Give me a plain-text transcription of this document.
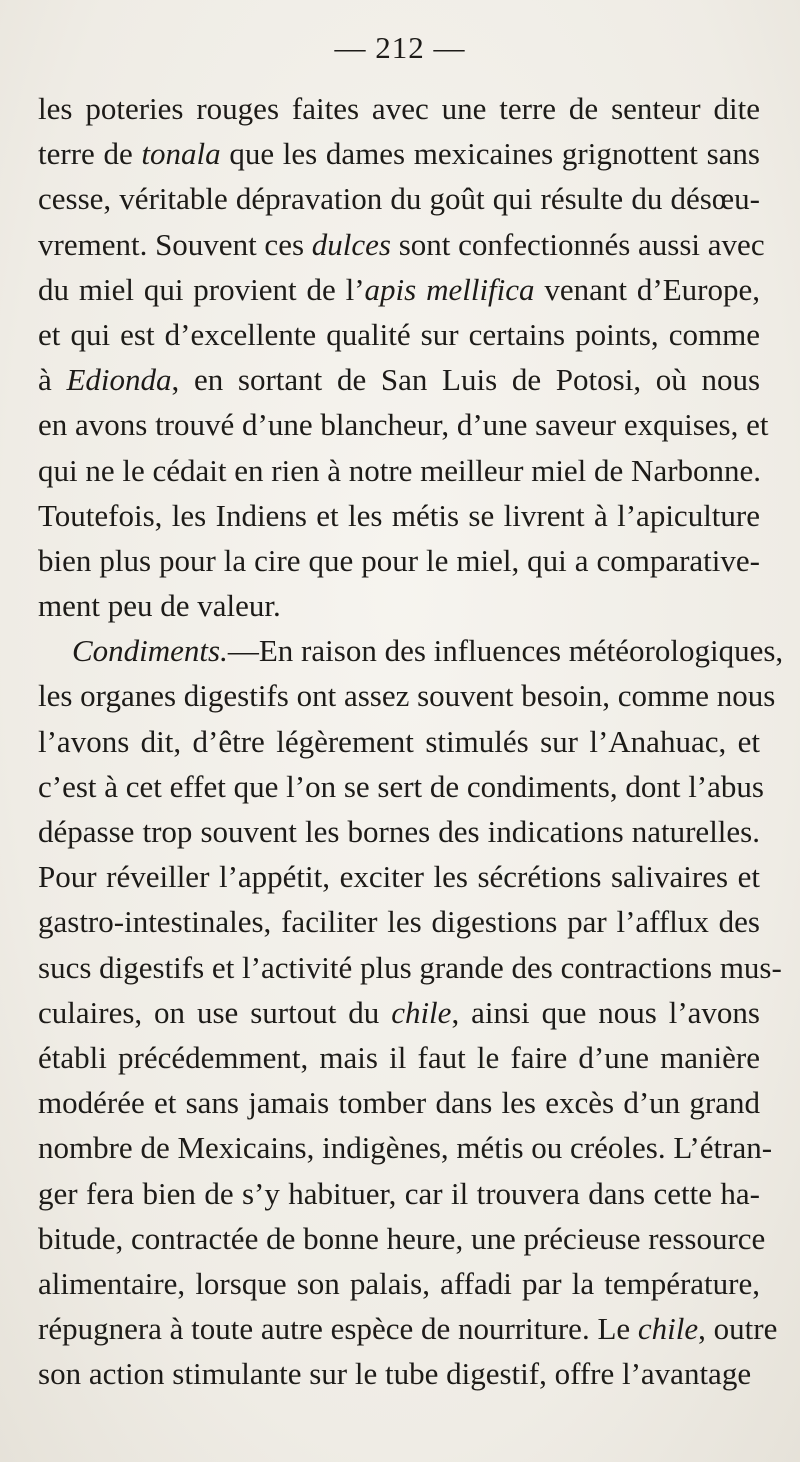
— 212 —
les poteries rouges faites avec une terre de senteur dite
terre de tonala que les dames mexicaines grignottent sans
cesse, véritable dépravation du goût qui résulte du désœu-
vrement. Souvent ces dulces sont confectionnés aussi avec
du miel qui provient de l’apis mellifica venant d’Europe,
et qui est d’excellente qualité sur certains points, comme
à Edionda, en sortant de San Luis de Potosi, où nous
en avons trouvé d’une blancheur, d’une saveur exquises, et
qui ne le cédait en rien à notre meilleur miel de Narbonne.
Toutefois, les Indiens et les métis se livrent à l’apiculture
bien plus pour la cire que pour le miel, qui a comparative-
ment peu de valeur.
Condiments.—En raison des influences météorologiques,
les organes digestifs ont assez souvent besoin, comme nous
l’avons dit, d’être légèrement stimulés sur l’Anahuac, et
c’est à cet effet que l’on se sert de condiments, dont l’abus
dépasse trop souvent les bornes des indications naturelles.
Pour réveiller l’appétit, exciter les sécrétions salivaires et
gastro-intestinales, faciliter les digestions par l’afflux des
sucs digestifs et l’activité plus grande des contractions mus-
culaires, on use surtout du chile, ainsi que nous l’avons
établi précédemment, mais il faut le faire d’une manière
modérée et sans jamais tomber dans les excès d’un grand
nombre de Mexicains, indigènes, métis ou créoles. L’étran-
ger fera bien de s’y habituer, car il trouvera dans cette ha-
bitude, contractée de bonne heure, une précieuse ressource
alimentaire, lorsque son palais, affadi par la température,
répugnera à toute autre espèce de nourriture. Le chile, outre
son action stimulante sur le tube digestif, offre l’avantage
